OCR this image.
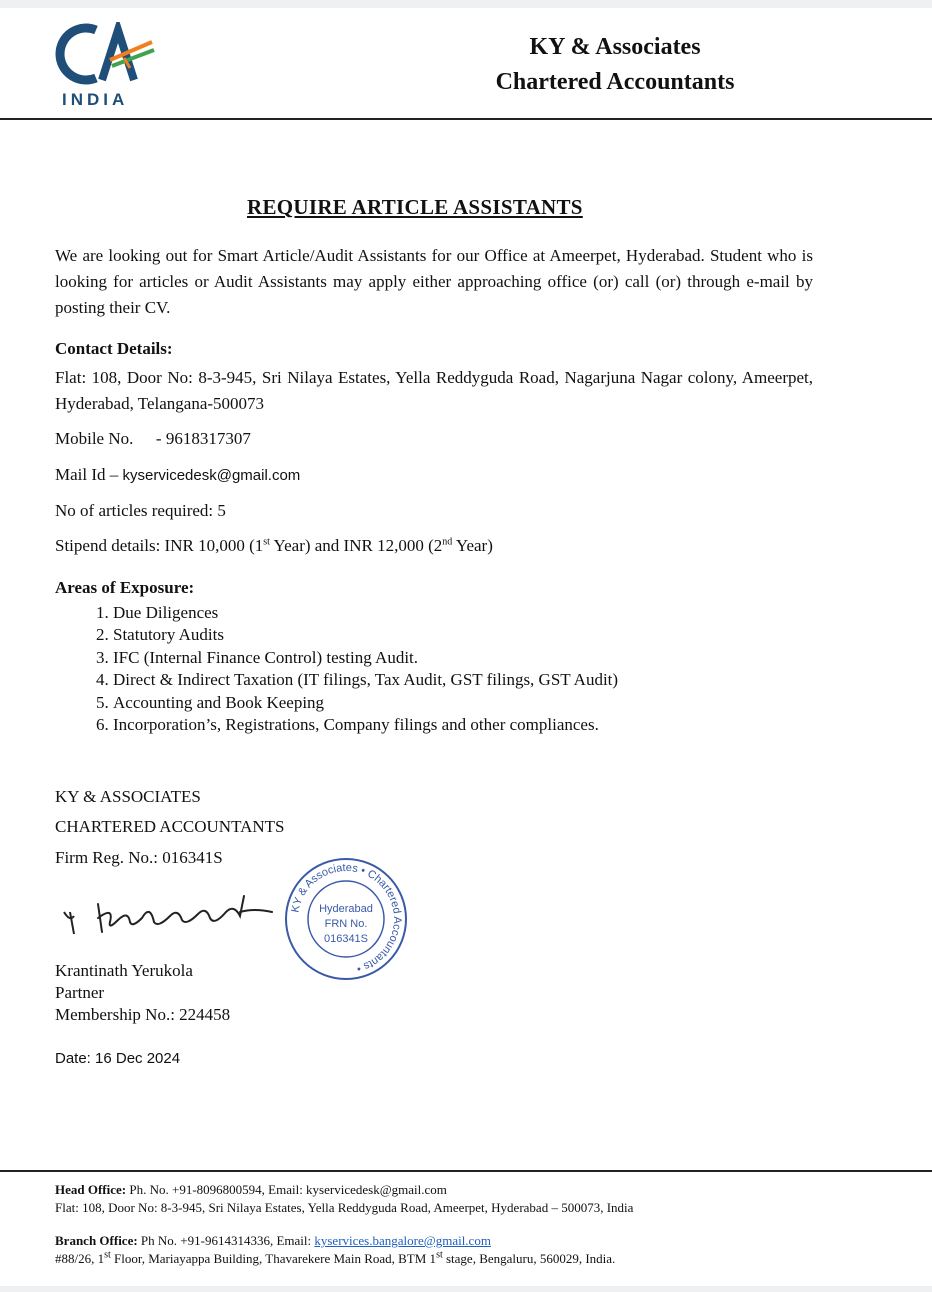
INDIA
KY & Associates
Chartered Accountants
REQUIRE ARTICLE ASSISTANTS
We are looking out for Smart Article/Audit Assistants for our Office at Ameerpet, Hyderabad. Student who is looking for articles or Audit Assistants may apply either approaching office (or) call (or) through e-mail by posting their CV.
Contact Details:
Flat: 108, Door No: 8-3-945, Sri Nilaya Estates, Yella Reddyguda Road, Nagarjuna Nagar colony, Ameerpet, Hyderabad, Telangana-500073
Mobile No. - 9618317307
Mail Id – kyservicedesk@gmail.com
No of articles required: 5
Stipend details: INR 10,000 (1st Year) and INR 12,000 (2nd Year)
Areas of Exposure:
1. Due Diligences
2. Statutory Audits
3. IFC (Internal Finance Control) testing Audit.
4. Direct & Indirect Taxation (IT filings, Tax Audit, GST filings, GST Audit)
5. Accounting and Book Keeping
6. Incorporation’s, Registrations, Company filings and other compliances.
KY & ASSOCIATES
CHARTERED ACCOUNTANTS
Firm Reg. No.: 016341S
Krantinath Yerukola
Partner
Membership No.: 224458
Date: 16 Dec 2024
KY & Associates • Chartered Accountants •
Hyderabad
FRN No.
016341S
Head Office: Ph. No. +91-8096800594, Email: kyservicedesk@gmail.com
Flat: 108, Door No: 8-3-945, Sri Nilaya Estates, Yella Reddyguda Road, Ameerpet, Hyderabad – 500073, India
Branch Office: Ph No. +91-9614314336, Email: kyservices.bangalore@gmail.com
#88/26, 1st Floor, Mariayappa Building, Thavarekere Main Road, BTM 1st stage, Bengaluru, 560029, India.
